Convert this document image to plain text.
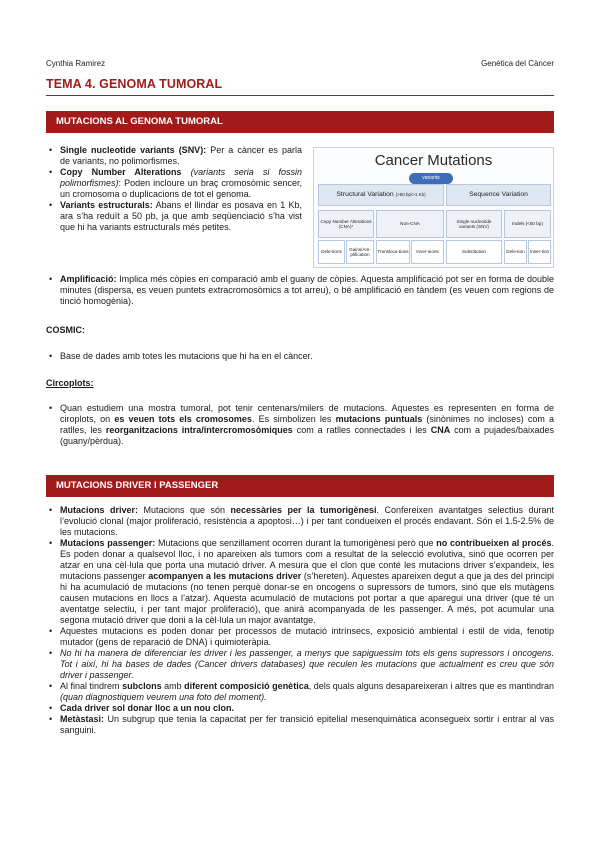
Cynthia Ramirez	Genètica del Càncer
TEMA 4. GENOMA TUMORAL
MUTACIONS AL GENOMA TUMORAL
• Single nucleotide variants (SNV): Per a càncer es parla de variants, no polimorfismes.
• Copy Number Alterations (variants seria si fossin polimorfismes): Poden incloure un braç cromosòmic sencer, un cromosoma o duplicacions de tot el genoma.
• Variants estructurals: Abans el llindar es posava en 1 Kb, ara s’ha reduït a 50 pb, ja que amb seqüenciació s’ha vist que hi ha variants estructurals més petites.
• Amplificació: Implica més còpies en comparació amb el guany de còpies. Aquesta amplificació pot ser en forma de double minutes (dispersa, es veuen puntets extracromosòmics a tot arreu), o bé amplificació en tàndem (es veuen com regions de tinció homogènia).
Cancer Mutations
variants
Structural Variation (>50 bp/>1 Kb)	Sequence Variation
Copy Number Alterations (CNA)*
Non-CNA
Single nucleotide variants (SNV)
Indels (<50 bp)
Dele-tions
Gains/Am-plification
Transloca-tions	Inver-sions	Substitution	Dele-tion	Inser-tion
COSMIC:
• Base de dades amb totes les mutacions que hi ha en el càncer.
Circoplots:
• Quan estudiem una mostra tumoral, pot tenir centenars/milers de mutacions. Aquestes es representen en forma de ciroplots, on es veuen tots els cromosomes. Es simbolizen les mutacions puntuals (sinònimes no incloses) com a ratlles, les reorganitzacions intra/intercromosòmiques com a ratlles connectades i les CNA com a pujades/baixades (guany/pèrdua).
MUTACIONS DRIVER I PASSENGER
• Mutacions driver: Mutacions que són necessàries per la tumorigènesi. Confereixen avantatges selectius durant l’evolució clonal (major proliferació, resistència a apoptosi…) i per tant condueixen el procés endavant. Són el 1.5-2.5% de les mutacions.
• Mutacions passenger: Mutacions que senzillament ocorren durant la tumorigènesi però que no contribueixen al procés. Es poden donar a qualsevol lloc, i no apareixen als tumors com a resultat de la selecció evolutiva, sinó que ocorren per atzar en una cèl·lula que porta una mutació driver. A mesura que el clon que conté les mutacions driver s’expandeix, les mutacions passenger acompanyen a les mutacions driver (s’hereten). Aquestes apareixen degut a que ja des del principi hi ha acumulació de mutacions (no tenen perquè donar-se en oncogens o supressors de tumors, sinó que els mutàgens causen mutacions en llocs a l’atzar). Aquesta acumulació de mutacions pot portar a que aparegui una driver (que té un aventatge selectiu, i per tant major proliferació), que anirà acompanyada de les passenger. A més, pot acumular una segona mutació driver que doni a la cèl·lula un major avantatge.
• Aquestes mutacions es poden donar per processos de mutació intrínsecs, exposició ambiental i estil de vida, fenotip mutador (gens de reparació de DNA) i quimioteràpia.
• No hi ha manera de diferenciar les driver i les passenger, a menys que sapiguessim tots els gens supressors i oncogens. Tot i així, hi ha bases de dades (Cancer drivers databases) que reculen les mutacions que actualment es creu que són driver i passenger.
• Al final tindrem subclons amb diferent composició genètica, dels quals alguns desapareixeran i altres que es mantindran (quan diagnostiquem veurem una foto del moment).
• Cada driver sol donar lloc a un nou clon.
• Metàstasi: Un subgrup que tenia la capacitat per fer transició epitelial mesenquimàtica aconsegueix sortir i entrar al vas sanguini.
